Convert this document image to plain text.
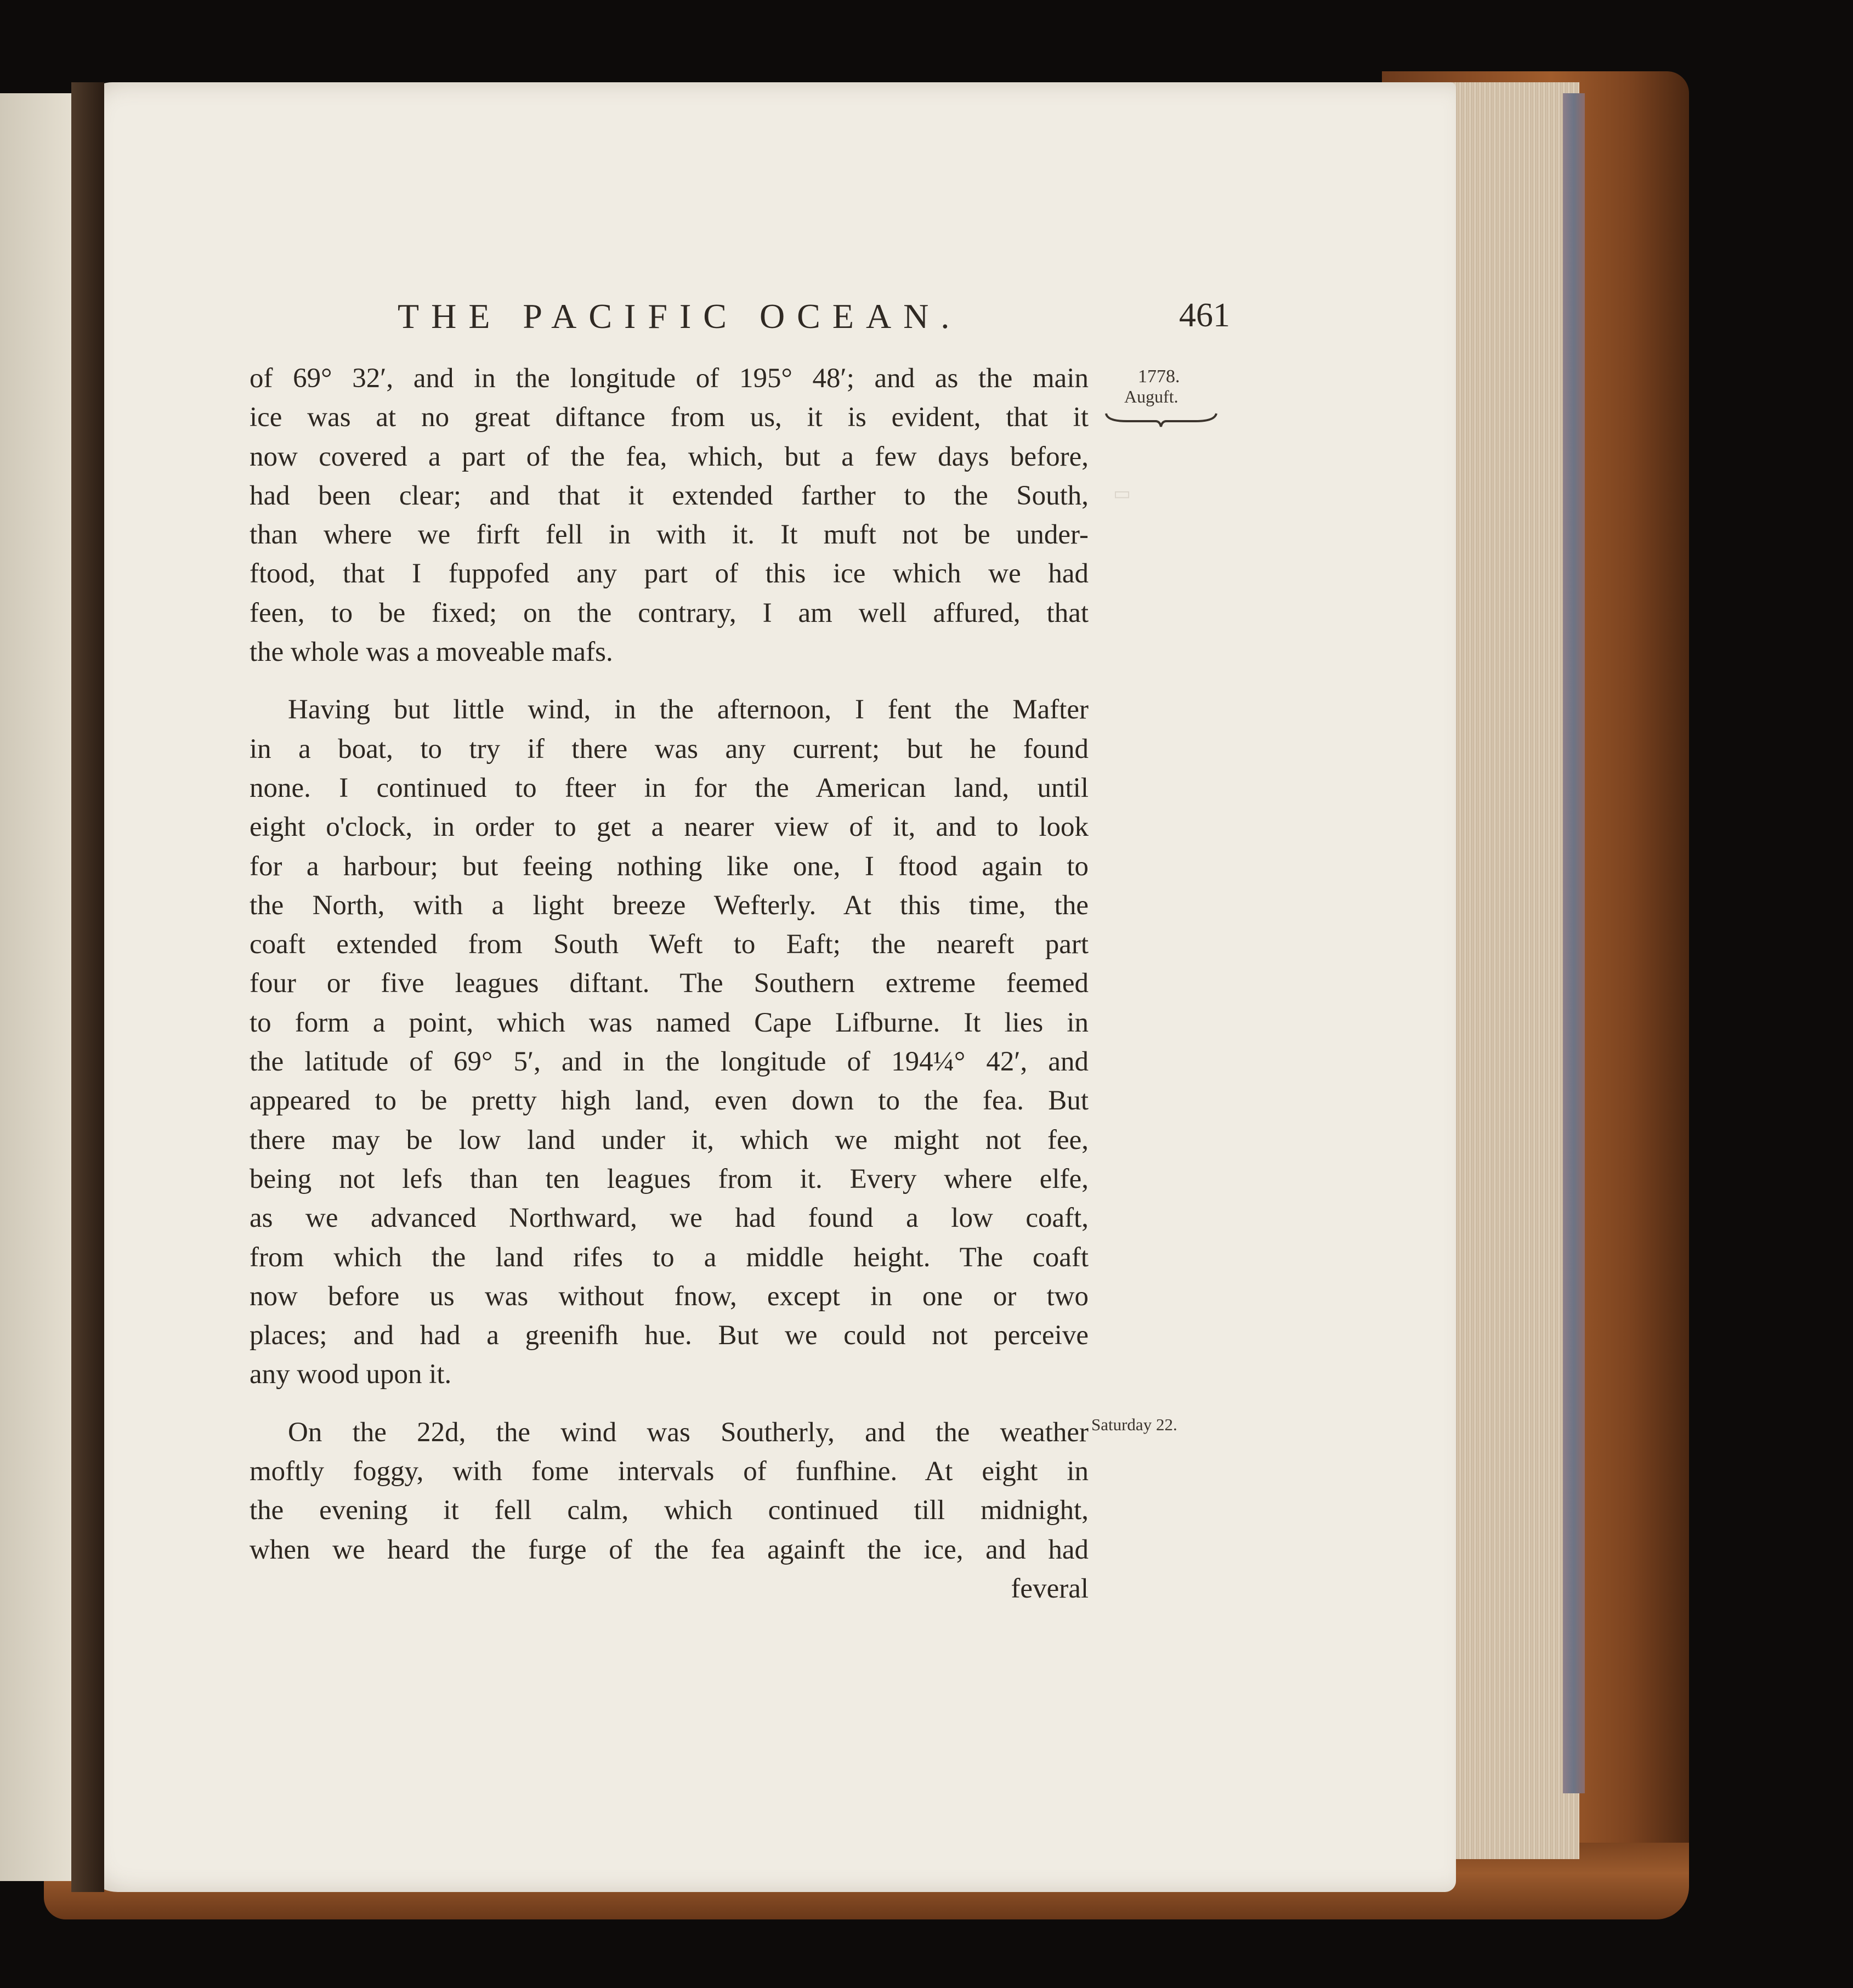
▭
THE PACIFIC OCEAN.	461
1778.
Auguft.
Saturday 22.
of 69° 32′, and in the longitude of 195° 48′; and as the main
ice was at no great diftance from us, it is evident, that it
now covered a part of the fea, which, but a few days before,
had been clear; and that it extended farther to the South,
than where we firft fell in with it. It muft not be under-
ftood, that I fuppofed any part of this ice which we had
feen, to be fixed; on the contrary, I am well affured, that
the whole was a moveable mafs.
Having but little wind, in the afternoon, I fent the Mafter
in a boat, to try if there was any current; but he found
none. I continued to fteer in for the American land, until
eight o'clock, in order to get a nearer view of it, and to look
for a harbour; but feeing nothing like one, I ftood again to
the North, with a light breeze Wefterly. At this time, the
coaft extended from South Weft to Eaft; the neareft part
four or five leagues diftant. The Southern extreme feemed
to form a point, which was named Cape Lifburne. It lies in
the latitude of 69° 5′, and in the longitude of 194¼° 42′, and
appeared to be pretty high land, even down to the fea. But
there may be low land under it, which we might not fee,
being not lefs than ten leagues from it. Every where elfe,
as we advanced Northward, we had found a low coaft,
from which the land rifes to a middle height. The coaft
now before us was without fnow, except in one or two
places; and had a greenifh hue. But we could not perceive
any wood upon it.
On the 22d, the wind was Southerly, and the weather
moftly foggy, with fome intervals of funfhine. At eight in
the evening it fell calm, which continued till midnight,
when we heard the furge of the fea againft the ice, and had
feveral
